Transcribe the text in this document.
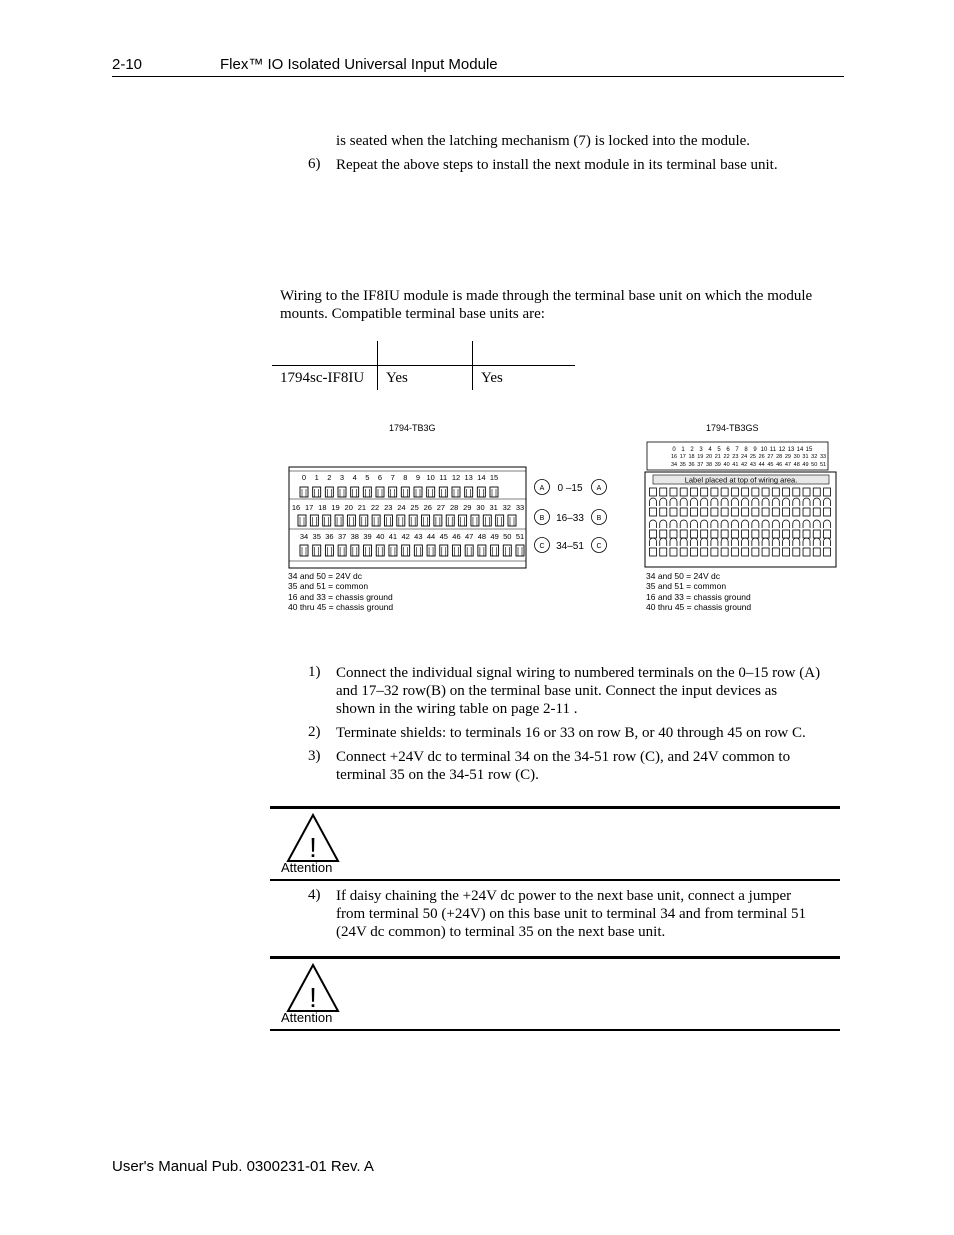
2-10	Flex™ IO Isolated Universal Input Module
is seated when the latching mechanism (7) is locked into the module.
6) Repeat the above steps to install the next module in its terminal base unit.
Wiring to the IF8IU module is made through the terminal base unit on which the module
mounts. Compatible terminal base units are:

1794sc-IF8IU	Yes	Yes
1794-TB3G	1794-TB3GS
0 1 2 3 4 5 6 7 8 9 10 11 12 13 14 15
16 17 18 19 20 21 22 23 24 25 26 27 28 29 30 31 32 33
34 35 36 37 38 39 40 41 42 43 44 45 46 47 48 49 50 51
A	A
B	B
C	C
0 –15
16–33
34–51
0 1 2 3 4 5 6 7 8 9 10 11 12 13 14 15
16 17 18 19 20 21 22 23 24 25 26 27 28 29 30 31 32 33
34 35 36 37 38 39 40 41 42 43 44 45 46 47 48 49 50 51
Label placed at top of wiring area.
34 and 50 = 24V dc
35 and 51 = common
16 and 33 = chassis ground
40 thru 45 = chassis ground
34 and 50 = 24V dc
35 and 51 = common
16 and 33 = chassis ground
40 thru 45 = chassis ground
1) Connect the individual signal wiring to numbered terminals on the 0–15 row (A)
and 17–32 row(B) on the terminal base unit. Connect the input devices as
shown in the wiring table on page 2-11 .
2) Terminate shields: to terminals 16 or 33 on row B, or 40 through 45 on row C.
3) Connect +24V dc to terminal 34 on the 34-51 row (C), and 24V common to
terminal 35 on the 34-51 row (C).
!
Attention
4) If daisy chaining the +24V dc power to the next base unit, connect a jumper
from terminal 50 (+24V) on this base unit to terminal 34 and from terminal 51
(24V dc common) to terminal 35 on the next base unit.
!
Attention
User's Manual Pub. 0300231-01 Rev. A
